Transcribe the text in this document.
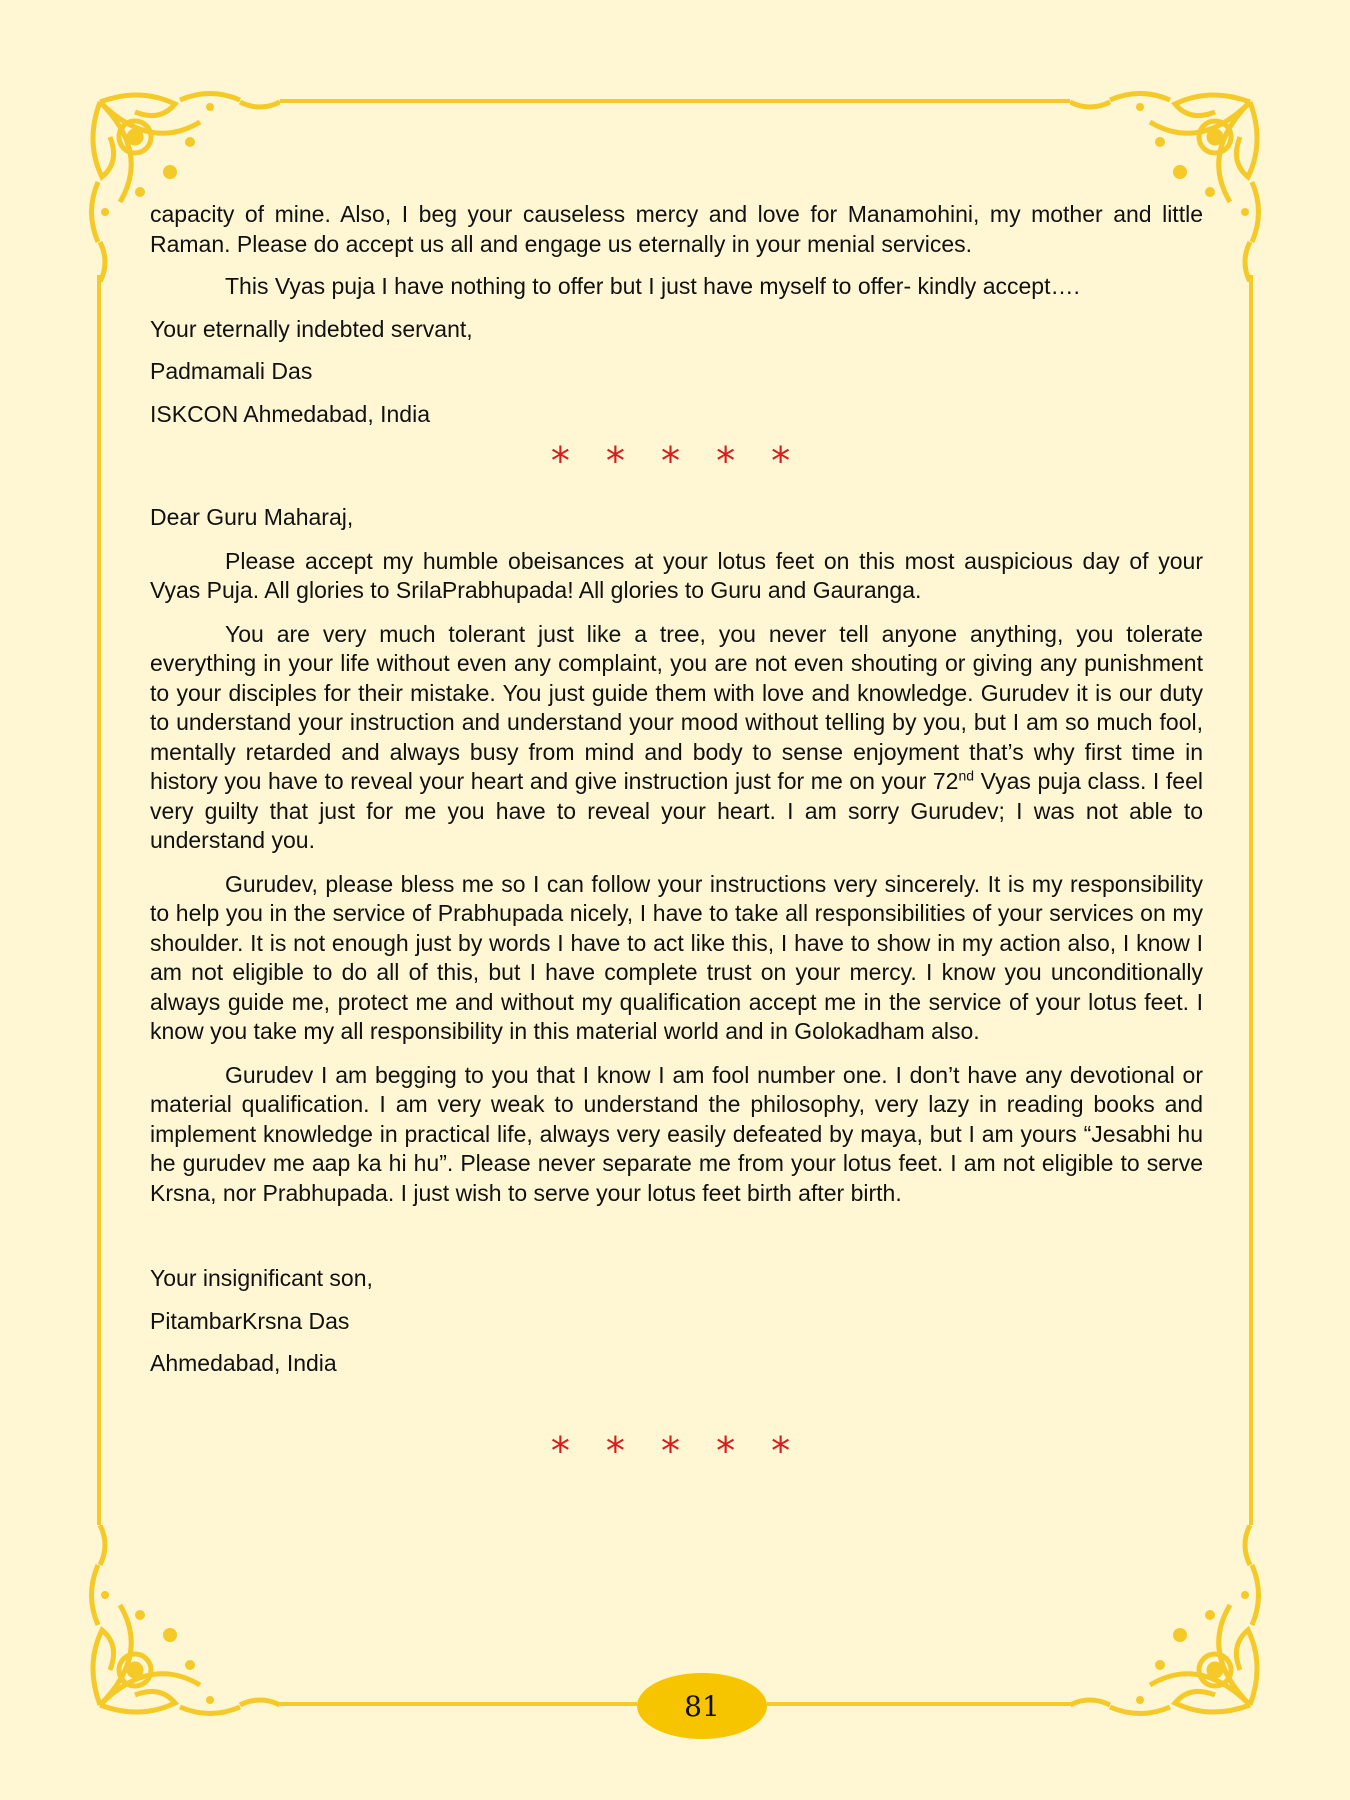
capacity of mine. Also, I beg your causeless mercy and love for Manamohini, my mother and little Raman. Please do accept us all and engage us eternally in your menial services.

This Vyas puja I have nothing to offer but I just have myself to offer- kindly accept….

Your eternally indebted servant,

Padmamali Das

ISKCON Ahmedabad, India

* * * * *

Dear Guru Maharaj,

Please accept my humble obeisances at your lotus feet on this most auspicious day of your Vyas Puja. All glories to SrilaPrabhupada! All glories to Guru and Gauranga.

You are very much tolerant just like a tree, you never tell anyone anything, you tolerate everything in your life without even any complaint, you are not even shouting or giving any punishment to your disciples for their mistake. You just guide them with love and knowledge. Gurudev it is our duty to understand your instruction and understand your mood without telling by you, but I am so much fool, mentally retarded and always busy from mind and body to sense enjoyment that’s why first time in history you have to reveal your heart and give instruction just for me on your 72nd Vyas puja class. I feel very guilty that just for me you have to reveal your heart. I am sorry Gurudev; I was not able to understand you.

Gurudev, please bless me so I can follow your instructions very sincerely. It is my responsibility to help you in the service of Prabhupada nicely, I have to take all responsibilities of your services on my shoulder. It is not enough just by words I have to act like this, I have to show in my action also, I know I am not eligible to do all of this, but I have complete trust on your mercy. I know you unconditionally always guide me, protect me and without my qualification accept me in the service of your lotus feet. I know you take my all responsibility in this material world and in Golokadham also.

Gurudev I am begging to you that I know I am fool number one. I don’t have any devotional or material qualification. I am very weak to understand the philosophy, very lazy in reading books and implement knowledge in practical life, always very easily defeated by maya, but I am yours “Jesabhi hu he gurudev me aap ka hi hu”. Please never separate me from your lotus feet. I am not eligible to serve Krsna, nor Prabhupada. I just wish to serve your lotus feet birth after birth.

Your insignificant son,

PitambarKrsna Das

Ahmedabad, India

* * * * *
81
